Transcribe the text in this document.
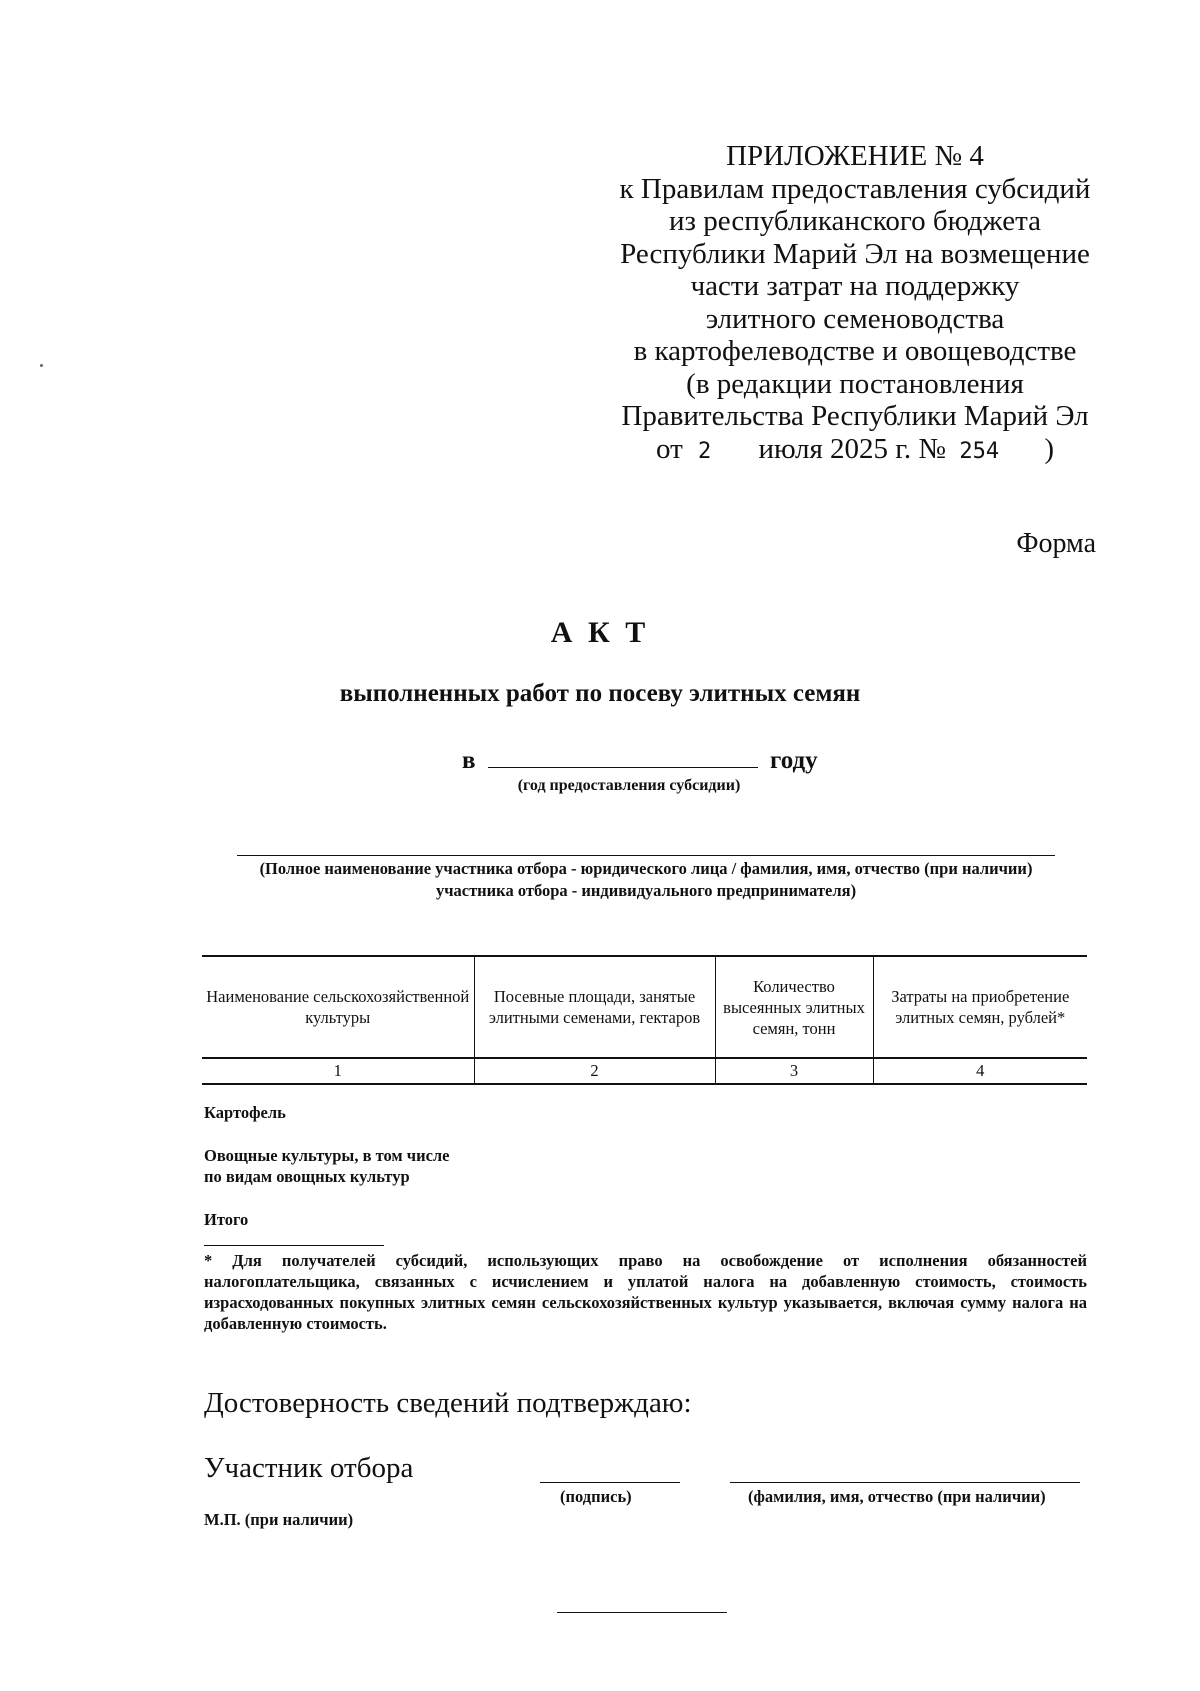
ПРИЛОЖЕНИЕ № 4
к Правилам предоставления субсидий
из республиканского бюджета
Республики Марий Эл на возмещение
части затрат на поддержку
элитного семеноводства
в картофелеводстве и овощеводстве
(в редакции постановления
Правительства Республики Марий Эл
от 2 июля 2025 г. № 254 )
Форма
А К Т
выполненных работ по посеву элитных семян
в	году
(год предоставления субсидии)
(Полное наименование участника отбора - юридического лица / фамилия, имя, отчество (при наличии)
участника отбора - индивидуального предпринимателя)
Наименование сельскохозяйственной культуры	Посевные площади, занятые элитными семенами, гектаров	Количество высеянных элитных семян, тонн	Затраты на приобретение элитных семян, рублей*
1	2	3	4
Картофель
Овощные культуры, в том числе
по видам овощных культур
Итого
* Для получателей субсидий, использующих право на освобождение от исполнения обязанностей налогоплательщика, связанных с исчислением и уплатой налога на добавленную стоимость, стоимость израсходованных покупных элитных семян сельскохозяйственных культур указывается, включая сумму налога на добавленную стоимость.
Достоверность сведений подтверждаю:
Участник отбора
(подпись)	(фамилия, имя, отчество (при наличии)
М.П. (при наличии)
